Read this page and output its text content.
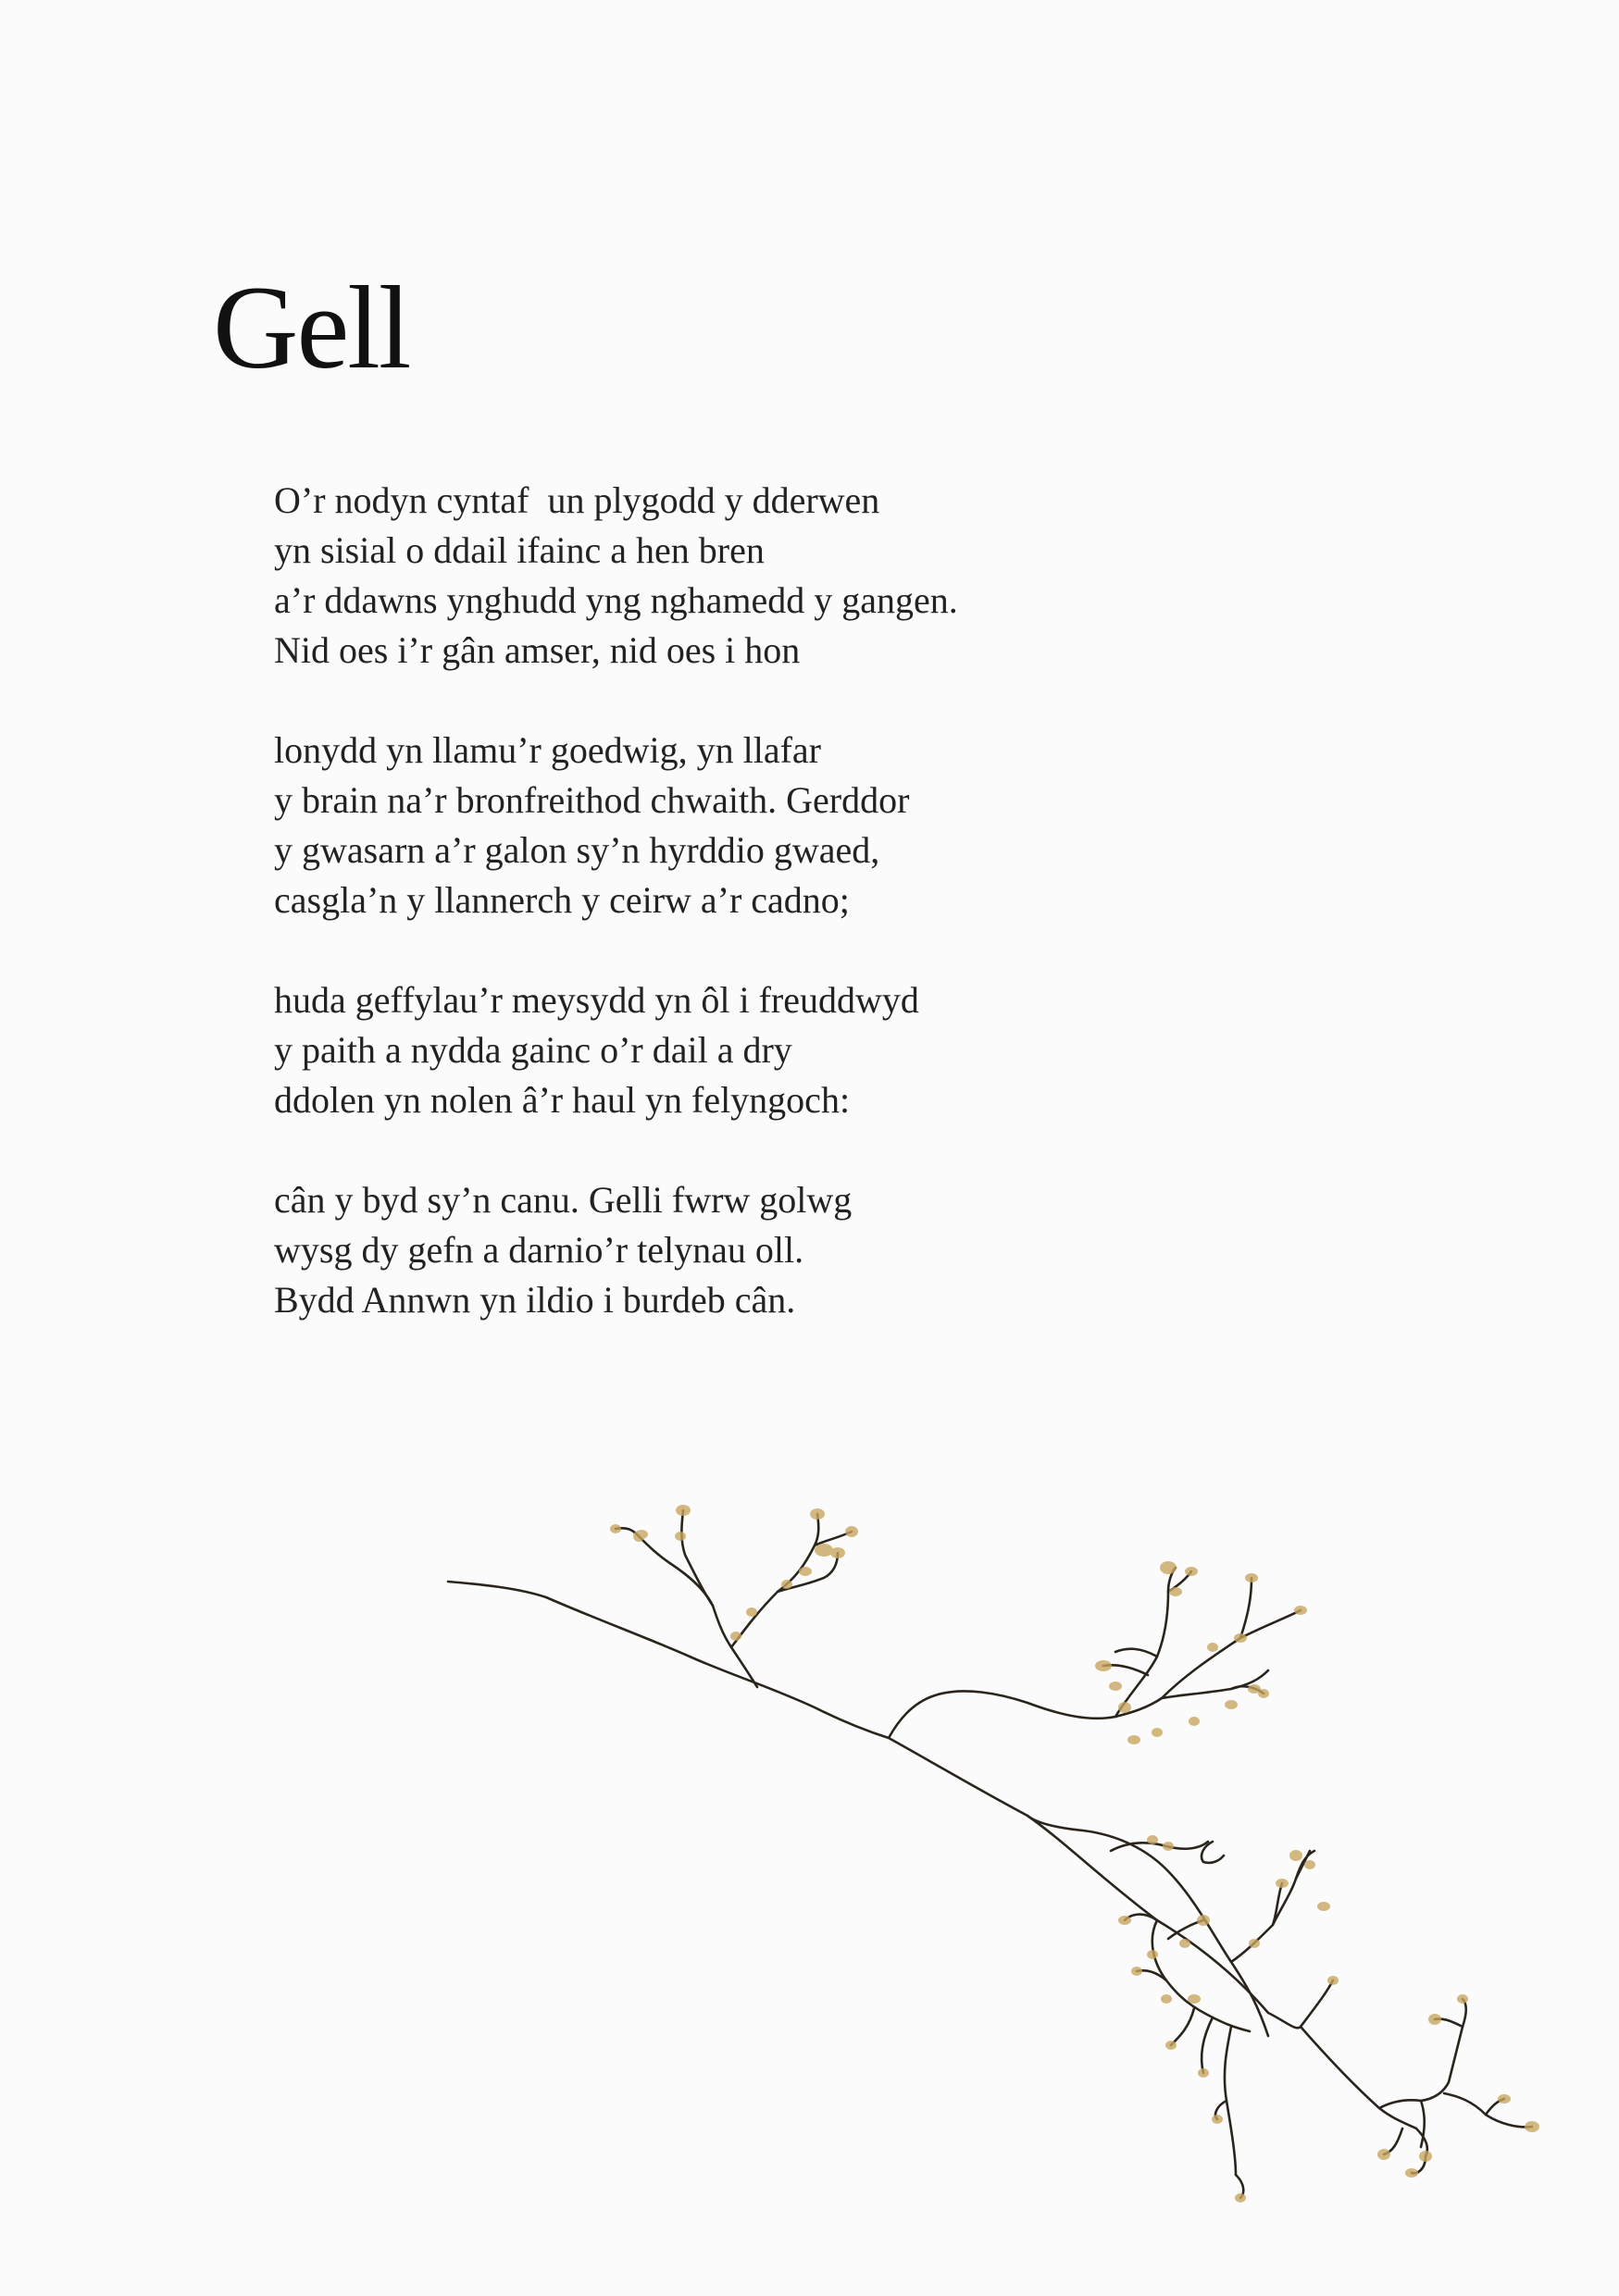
Gell
O’r nodyn cyntaf  un plygodd y dderwen
yn sisial o ddail ifainc a hen bren
a’r ddawns ynghudd yng nghamedd y gangen.
Nid oes i’r gân amser, nid oes i hon
lonydd yn llamu’r goedwig, yn llafar
y brain na’r bronfreithod chwaith. Gerddor
y gwasarn a’r galon sy’n hyrddio gwaed,
casgla’n y llannerch y ceirw a’r cadno;
huda geffylau’r meysydd yn ôl i freuddwyd
y paith a nydda gainc o’r dail a dry
ddolen yn nolen â’r haul yn felyngoch:
cân y byd sy’n canu. Gelli fwrw golwg
wysg dy gefn a darnio’r telynau oll.
Bydd Annwn yn ildio i burdeb cân.
